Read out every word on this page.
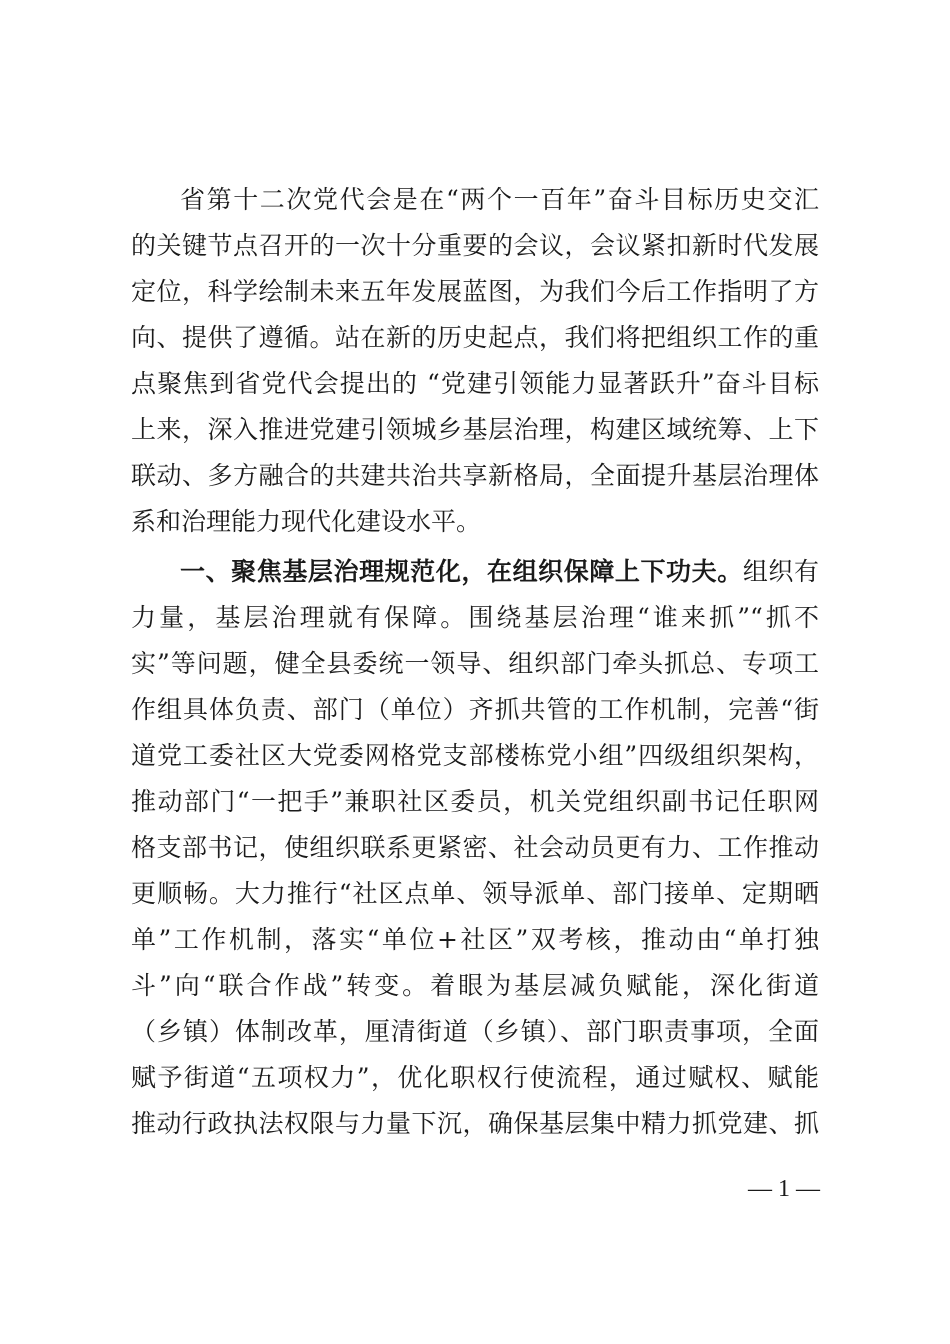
省第十二次党代会是在“两个一百年”奋斗目标历史交汇
的关键节点召开的一次十分重要的会议，会议紧扣新时代发展
定位，科学绘制未来五年发展蓝图，为我们今后工作指明了方
向、提供了遵循。站在新的历史起点，我们将把组织工作的重
点聚焦到省党代会提出的 “党建引领能力显著跃升”奋斗目标
上来，深入推进党建引领城乡基层治理，构建区域统筹、上下
联动、多方融合的共建共治共享新格局，全面提升基层治理体
系和治理能力现代化建设水平。
一、聚焦基层治理规范化，在组织保障上下功夫。组织有
力量，基层治理就有保障。围绕基层治理“谁来抓”“抓不
实”等问题，健全县委统一领导、组织部门牵头抓总、专项工
作组具体负责、部门（单位）齐抓共管的工作机制，完善“街
道党工委社区大党委网格党支部楼栋党小组”四级组织架构，
推动部门“一把手”兼职社区委员，机关党组织副书记任职网
格支部书记，使组织联系更紧密、社会动员更有力、工作推动
更顺畅。大力推行“社区点单、领导派单、部门接单、定期晒
单”工作机制，落实“单位+社区”双考核，推动由“单打独
斗”向“联合作战”转变。着眼为基层减负赋能，深化街道
（乡镇）体制改革，厘清街道（乡镇）、部门职责事项，全面
赋予街道“五项权力”，优化职权行使流程，通过赋权、赋能
推动行政执法权限与力量下沉，确保基层集中精力抓党建、抓
— 1 —
